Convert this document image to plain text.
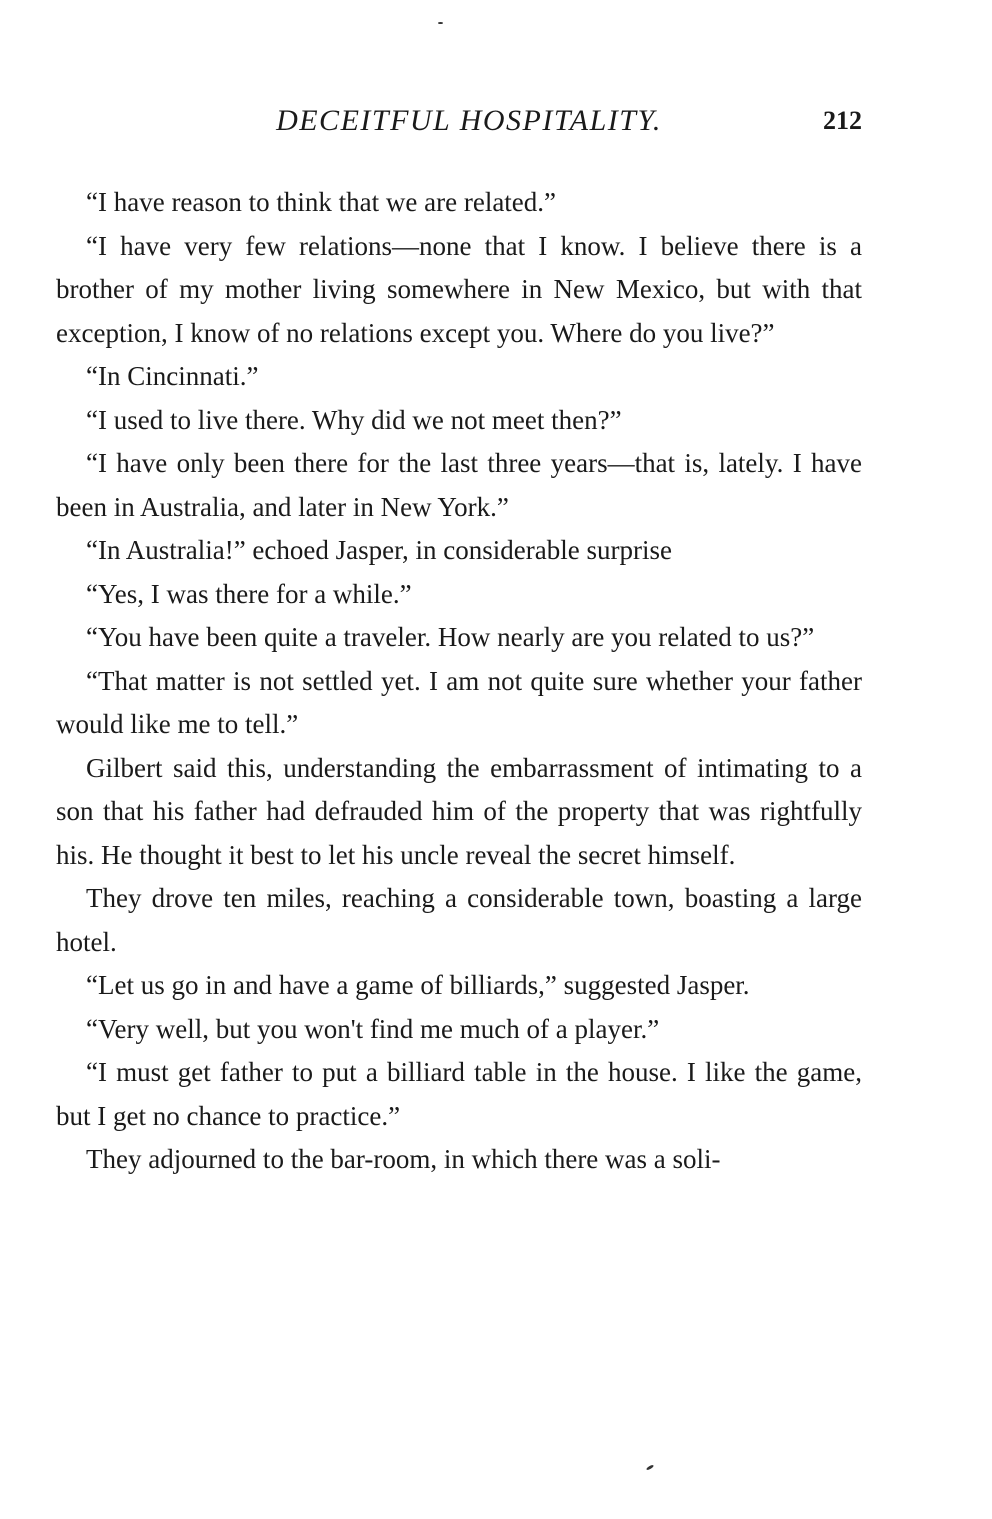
DECEITFUL HOSPITALITY.	212

“I have reason to think that we are related.”

“I have very few relations—none that I know. I believe there is a brother of my mother living somewhere in New Mexico, but with that exception, I know of no relations except you. Where do you live?”

“In Cincinnati.”

“I used to live there. Why did we not meet then?”

“I have only been there for the last three years—that is, lately. I have been in Australia, and later in New York.”

“In Australia!” echoed Jasper, in considerable surprise

“Yes, I was there for a while.”

“You have been quite a traveler. How nearly are you related to us?”

“That matter is not settled yet. I am not quite sure whether your father would like me to tell.”

Gilbert said this, understanding the embarrassment of intimating to a son that his father had defrauded him of the property that was rightfully his. He thought it best to let his uncle reveal the secret himself.

They drove ten miles, reaching a considerable town, boasting a large hotel.

“Let us go in and have a game of billiards,” suggested Jasper.

“Very well, but you won't find me much of a player.”

“I must get father to put a billiard table in the house. I like the game, but I get no chance to practice.”

They adjourned to the bar-room, in which there was a soli-
